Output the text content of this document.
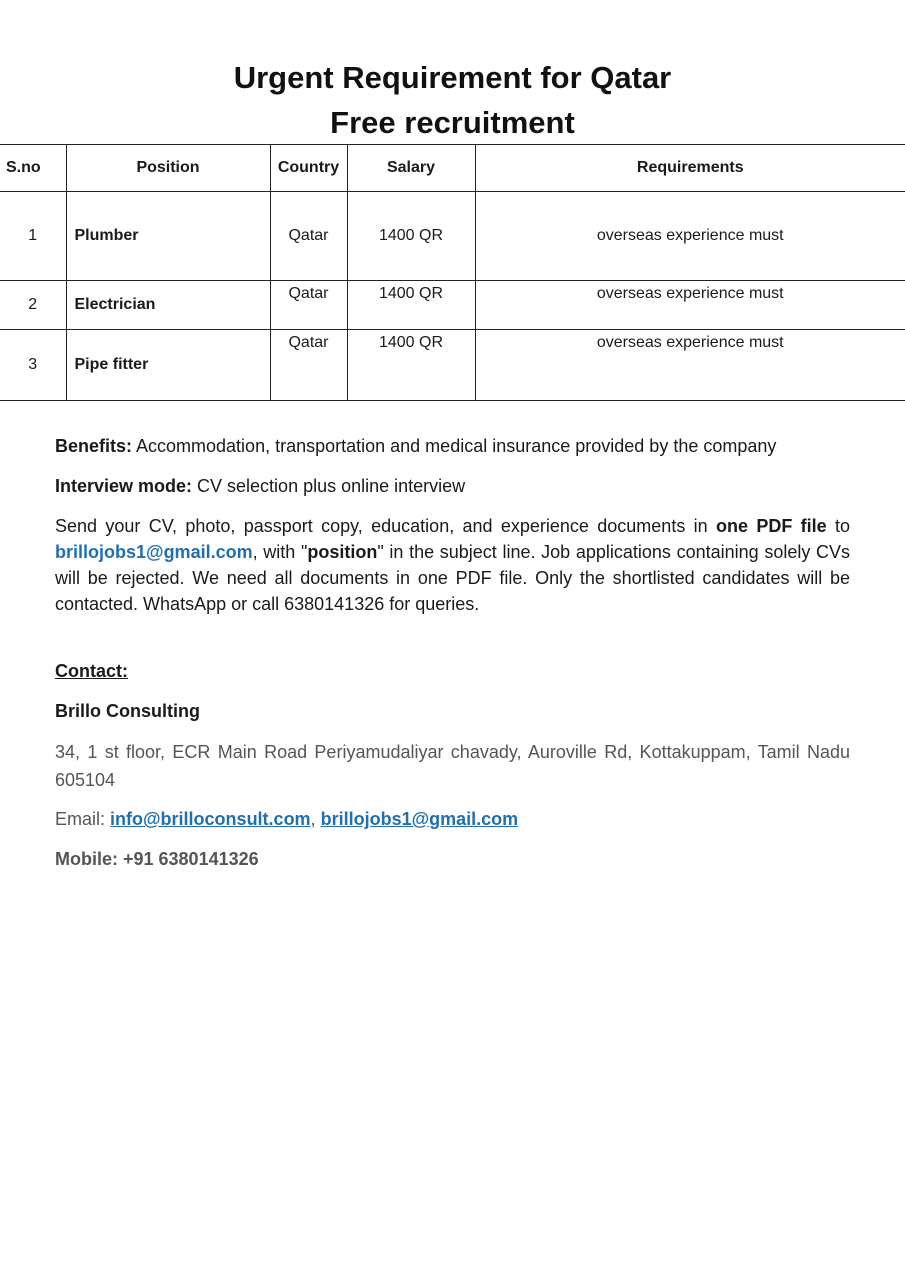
Urgent Requirement for Qatar
Free recruitment
S.no	Position	Country	Salary	Requirements
1	Plumber	Qatar	1400 QR	overseas experience must
2	Electrician	Qatar	1400 QR	overseas experience must
3	Pipe fitter	Qatar	1400 QR	overseas experience must
Benefits: Accommodation, transportation and medical insurance provided by the company
Interview mode: CV selection plus online interview
Send your CV, photo, passport copy, education, and experience documents in one PDF file to brillojobs1@gmail.com, with "position" in the subject line. Job applications containing solely CVs will be rejected. We need all documents in one PDF file. Only the shortlisted candidates will be contacted. WhatsApp or call 6380141326 for queries.
Contact:
Brillo Consulting
34, 1 st floor, ECR Main Road Periyamudaliyar chavady, Auroville Rd, Kottakuppam, Tamil Nadu 605104
Email: info@brilloconsult.com, brillojobs1@gmail.com
Mobile: +91 6380141326
